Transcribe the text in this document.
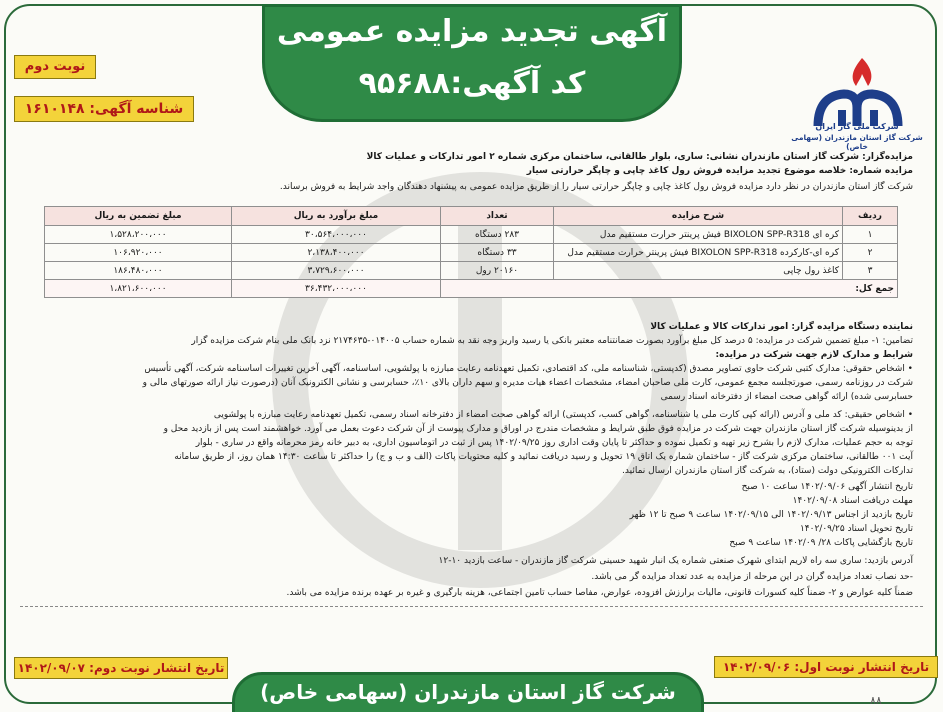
آگهی تجدید مزایده عمومی
کد آگهی:۹۵۶۸۸
نوبت دوم
شناسه آگهی: ۱۶۱۰۱۴۸
شرکت ملی گاز ایران
شرکت گاز استان مازندران (سهامی خاص)
مزایده‌گزار: شرکت گاز استان مازندران نشانی: ساری، بلوار طالقانی، ساختمان مرکزی شماره ۲ امور تدارکات و عملیات کالا
مزایده شماره: خلاصه موضوع تجدید مزایده فروش رول کاغذ چاپی و چاپگر حرارتی سیار
شرکت گاز استان مازندران در نظر دارد مزایده فروش رول کاغذ چاپی و چاپگر حرارتی سیار را از طریق مزایده عمومی به پیشنهاد دهندگان واجد شرایط به فروش برساند.
ردیف	شرح مزایده	تعداد	مبلغ برآورد به ریال	مبلغ تضمین به ریال
۱	کره ای BIXOLON SPP-R318 فیش پرینتر حرارت مستقیم مدل	۲۸۳ دستگاه	۳۰،۵۶۴،۰۰۰،۰۰۰	۱،۵۲۸،۲۰۰،۰۰۰
۲	کره ای-کارکرده BIXOLON SPP-R318 فیش پرینتر حرارت مستقیم مدل	۳۳ دستگاه	۲،۱۳۸،۴۰۰،۰۰۰	۱۰۶،۹۲۰،۰۰۰
۳	کاغذ رول چاپی	۲۰۱۶۰ رول	۳،۷۲۹،۶۰۰،۰۰۰	۱۸۶،۴۸۰،۰۰۰
جمع کل:			۳۶،۴۳۲،۰۰۰،۰۰۰	۱،۸۲۱،۶۰۰،۰۰۰
نماینده دستگاه مزایده گزار: امور تدارکات کالا و عملیات کالا
تضامین: ۱- مبلغ تضمین شرکت در مزایده: ۵ درصد کل مبلغ برآورد بصورت ضمانتنامه معتبر بانکی یا رسید واریز وجه نقد به شماره حساب ۰۱۴۰۰۵-۲۱۷۴۶۳۵ نزد بانک ملی بنام شرکت مزایده گزار
شرایط و مدارک لازم جهت شرکت در مزایده:
• اشخاص حقوقی: مدارک کتبی شرکت حاوی تصاویر مصدق (کدپستی، شناسنامه ملی، کد اقتصادی، تکمیل تعهدنامه رعایت مبارزه با پولشویی، اساسنامه، آگهی آخرین تغییرات اساسنامه شرکت، آگهی تأسیس
شرکت در روزنامه رسمی، صورتجلسه مجمع عمومی، کارت ملی صاحبان امضاء، مشخصات اعضاء هیات مدیره و سهم داران بالای ۱۰٪، حسابرسی و نشانی الکترونیک آنان (درصورت نیاز ارائه صورتهای مالی و
حسابرسی شده) ارائه گواهی صحت امضاء از دفترخانه اسناد رسمی
• اشخاص حقیقی: کد ملی و آدرس (ارائه کپی کارت ملی یا شناسنامه، گواهی کسب، کدپستی) ارائه گواهی صحت امضاء از دفترخانه اسناد رسمی، تکمیل تعهدنامه رعایت مبارزه با پولشویی
از بدینوسیله شرکت گاز استان مازندران جهت شرکت در مزایده فوق طبق شرایط و مشخصات مندرج در اوراق و مدارک پیوست از آن شرکت دعوت بعمل می آورد. خواهشمند است پس از بازدید محل و
توجه به حجم عملیات، مدارک لازم را بشرح زیر تهیه و تکمیل نموده و حداکثر تا پایان وقت اداری روز ۱۴۰۲/۰۹/۲۵ پس از ثبت در اتوماسیون اداری، به دبیر خانه رمز محرمانه واقع در ساری - بلوار
آیت ۰۰۱ طالقانی، ساختمان مرکزی شرکت گاز - ساختمان شماره یک اتاق ۱۹ تحویل و رسید دریافت نمائید و کلیه محتویات پاکات (الف و ب و ج) را حداکثر تا ساعت ۱۴:۳۰ همان روز، از طریق سامانه
تدارکات الکترونیکی دولت (ستاد)، به شرکت گاز استان مازندران ارسال نمائید.
تاریخ انتشار آگهی ۱۴۰۲/۰۹/۰۶ ساعت ۱۰ صبح
مهلت دریافت اسناد ۱۴۰۲/۰۹/۰۸
تاریخ بازدید از اجناس ۱۴۰۲/۰۹/۱۳ الی ۱۴۰۲/۰۹/۱۵ ساعت ۹ صبح تا ۱۲ ظهر
تاریخ تحویل اسناد ۱۴۰۲/۰۹/۲۵
تاریخ بازگشایی پاکات ۲۸/ ۱۴۰۲/۰۹ ساعت ۹ صبح
آدرس بازدید: ساری سه راه لاریم ابتدای شهرک صنعتی شماره یک انبار شهید حسینی شرکت گاز مازندران - ساعت بازدید ۱۰-۱۲
-حد نصاب تعداد مزایده گران در این مرحله از مزایده به عدد تعداد مزایده گر می باشد.
ضمناً کلیه عوارض و ۲- ضمناً کلیه کسورات قانونی، مالیات برارزش افزوده، عوارض، مفاصا حساب تامین اجتماعی، هزینه بارگیری و غیره بر عهده برنده مزایده می باشد.
تاریخ انتشار نوبت دوم: ۱۴۰۲/۰۹/۰۷	تاریخ انتشار نوبت اول: ۱۴۰۲/۰۹/۰۶
شرکت گاز استان مازندران (سهامی خاص)	۸۸
